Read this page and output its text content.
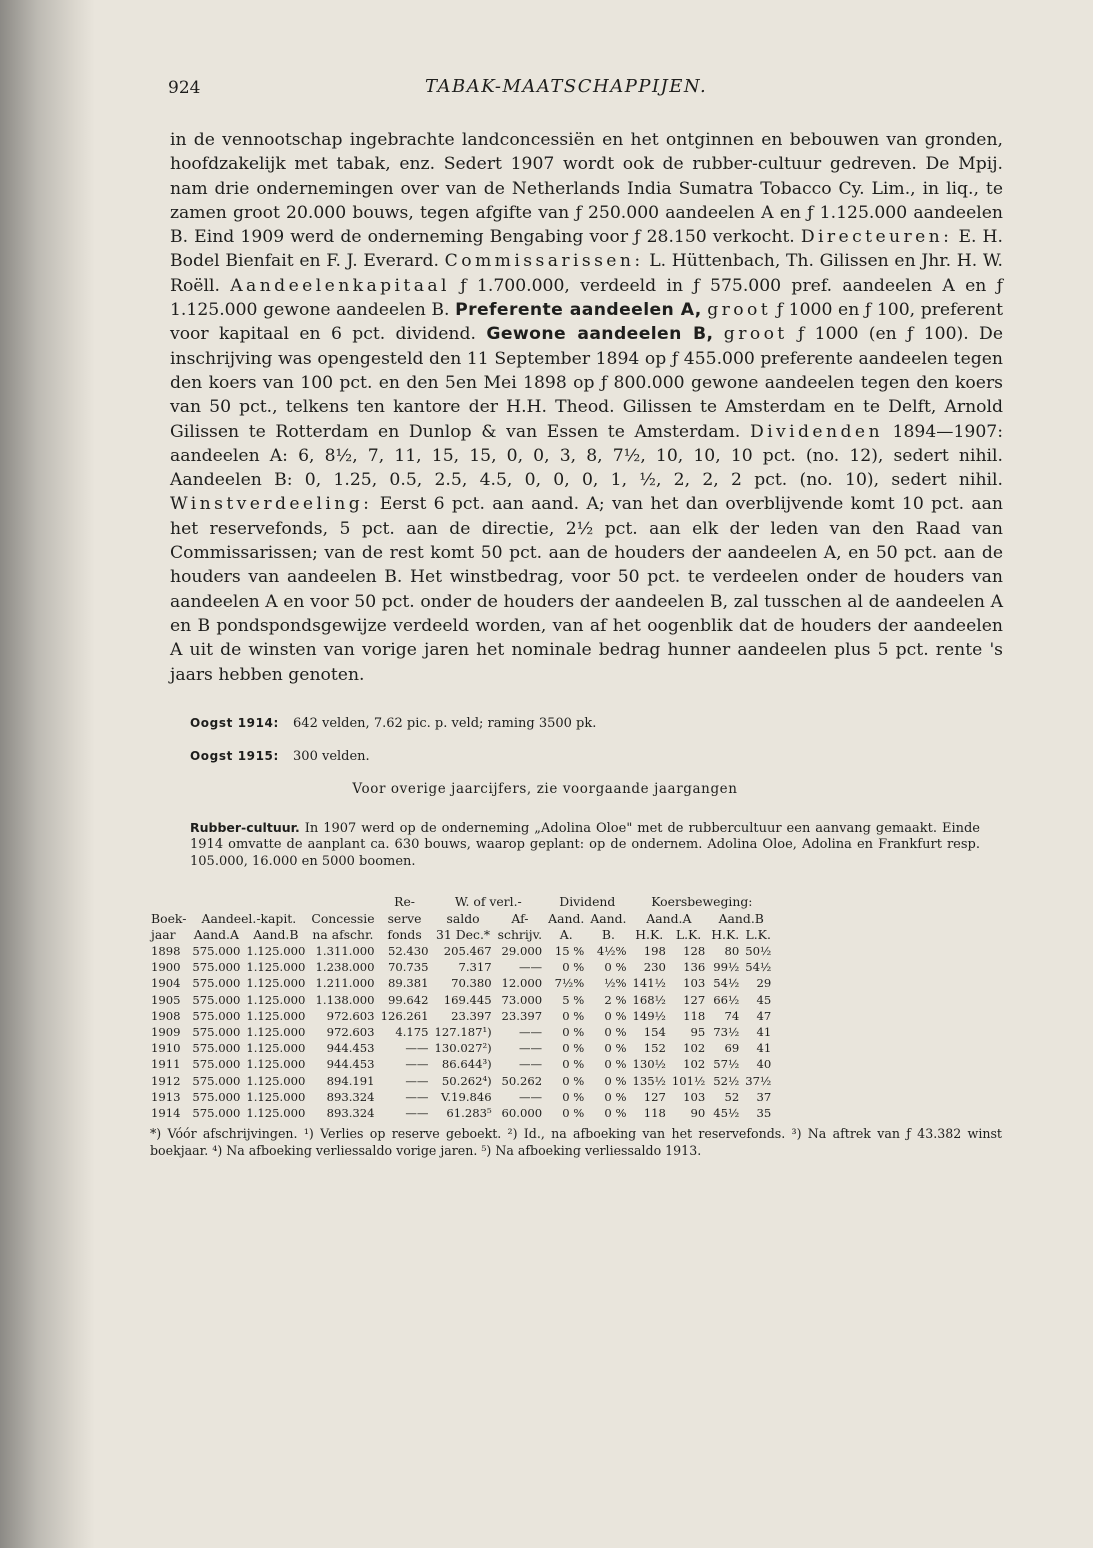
924	TABAK-MAATSCHAPPIJEN.

in de vennootschap ingebrachte landconcessiën en het ontginnen en bebouwen van gronden, hoofdzakelijk met tabak, enz. Sedert 1907 wordt ook de rubber-cultuur gedreven. De Mpij. nam drie ondernemingen over van de Netherlands India Sumatra Tobacco Cy. Lim., in liq., te zamen groot 20.000 bouws, tegen afgifte van ƒ 250.000 aandeelen A en ƒ 1.125.000 aandeelen B. Eind 1909 werd de onderneming Bengabing voor ƒ 28.150 verkocht. Directeuren: E. H. Bodel Bienfait en F. J. Everard. Commissarissen: L. Hüttenbach, Th. Gilissen en Jhr. H. W. Roëll. Aandeelenkapitaal ƒ 1.700.000, verdeeld in ƒ 575.000 pref. aandeelen A en ƒ 1.125.000 gewone aandeelen B. Preferente aandeelen A, groot ƒ 1000 en ƒ 100, preferent voor kapitaal en 6 pct. dividend. Gewone aandeelen B, groot ƒ 1000 (en ƒ 100). De inschrijving was opengesteld den 11 September 1894 op ƒ 455.000 preferente aandeelen tegen den koers van 100 pct. en den 5en Mei 1898 op ƒ 800.000 gewone aandeelen tegen den koers van 50 pct., telkens ten kantore der H.H. Theod. Gilissen te Amsterdam en te Delft, Arnold Gilissen te Rotterdam en Dunlop & van Essen te Amsterdam. Dividenden 1894—1907: aandeelen A: 6, 8½, 7, 11, 15, 15, 0, 0, 3, 8, 7½, 10, 10, 10 pct. (no. 12), sedert nihil. Aandeelen B: 0, 1.25, 0.5, 2.5, 4.5, 0, 0, 0, 1, ½, 2, 2, 2 pct. (no. 10), sedert nihil. Winstverdeeling: Eerst 6 pct. aan aand. A; van het dan overblijvende komt 10 pct. aan het reservefonds, 5 pct. aan de directie, 2½ pct. aan elk der leden van den Raad van Commissarissen; van de rest komt 50 pct. aan de houders der aandeelen A, en 50 pct. aan de houders van aandeelen B. Het winstbedrag, voor 50 pct. te verdeelen onder de houders van aandeelen A en voor 50 pct. onder de houders der aandeelen B, zal tusschen al de aandeelen A en B pondspondsgewijze verdeeld worden, van af het oogenblik dat de houders der aandeelen A uit de winsten van vorige jaren het nominale bedrag hunner aandeelen plus 5 pct. rente 's jaars hebben genoten.

Oogst 1914: 642 velden, 7.62 pic. p. veld; raming 3500 pk.
Oogst 1915: 300 velden.
Voor overige jaarcijfers, zie voorgaande jaargangen
Rubber-cultuur. In 1907 werd op de onderneming „Adolina Oloe" met de rubbercultuur een aanvang gemaakt. Einde 1914 omvatte de aanplant ca. 630 bouws, waarop geplant: op de ondernem. Adolina Oloe, Adolina en Frankfurt resp. 105.000, 16.000 en 5000 boomen.
				Re-	W. of verl.-		Dividend		Koersbeweging:			
Boek-	Aandeel.-kapit.		Concessie	serve	saldo	Af-	Aand.	Aand.	Aand.A		Aand.B	
jaar	Aand.A	Aand.B	na afschr.	fonds	31 Dec.*	schrijv.	A.	B.	H.K.	L.K.	H.K.	L.K.
1898	575.000	1.125.000	1.311.000	52.430	205.467	29.000	15 %	4½%	198	128	80	50½
1900	575.000	1.125.000	1.238.000	70.735	7.317	——	0 %	0 %	230	136	99½	54½
1904	575.000	1.125.000	1.211.000	89.381	70.380	12.000	7½%	½%	141½	103	54½	29
1905	575.000	1.125.000	1.138.000	99.642	169.445	73.000	5 %	2 %	168½	127	66½	45
1908	575.000	1.125.000	972.603	126.261	23.397	23.397	0 %	0 %	149½	118	74	47
1909	575.000	1.125.000	972.603	4.175	127.187¹)	——	0 %	0 %	154	95	73½	41
1910	575.000	1.125.000	944.453	——	130.027²)	——	0 %	0 %	152	102	69	41
1911	575.000	1.125.000	944.453	——	86.644³)	——	0 %	0 %	130½	102	57½	40
1912	575.000	1.125.000	894.191	——	50.262⁴)	50.262	0 %	0 %	135½	101½	52½	37½
1913	575.000	1.125.000	893.324	——	V.19.846	——	0 %	0 %	127	103	52	37
1914	575.000	1.125.000	893.324	——	61.283⁵	60.000	0 %	0 %	118	90	45½	35
*) Vóór afschrijvingen. ¹) Verlies op reserve geboekt. ²) Id., na afboeking van het reservefonds. ³) Na aftrek van ƒ 43.382 winst boekjaar. ⁴) Na afboeking verliessaldo vorige jaren. ⁵) Na afboeking verliessaldo 1913.
